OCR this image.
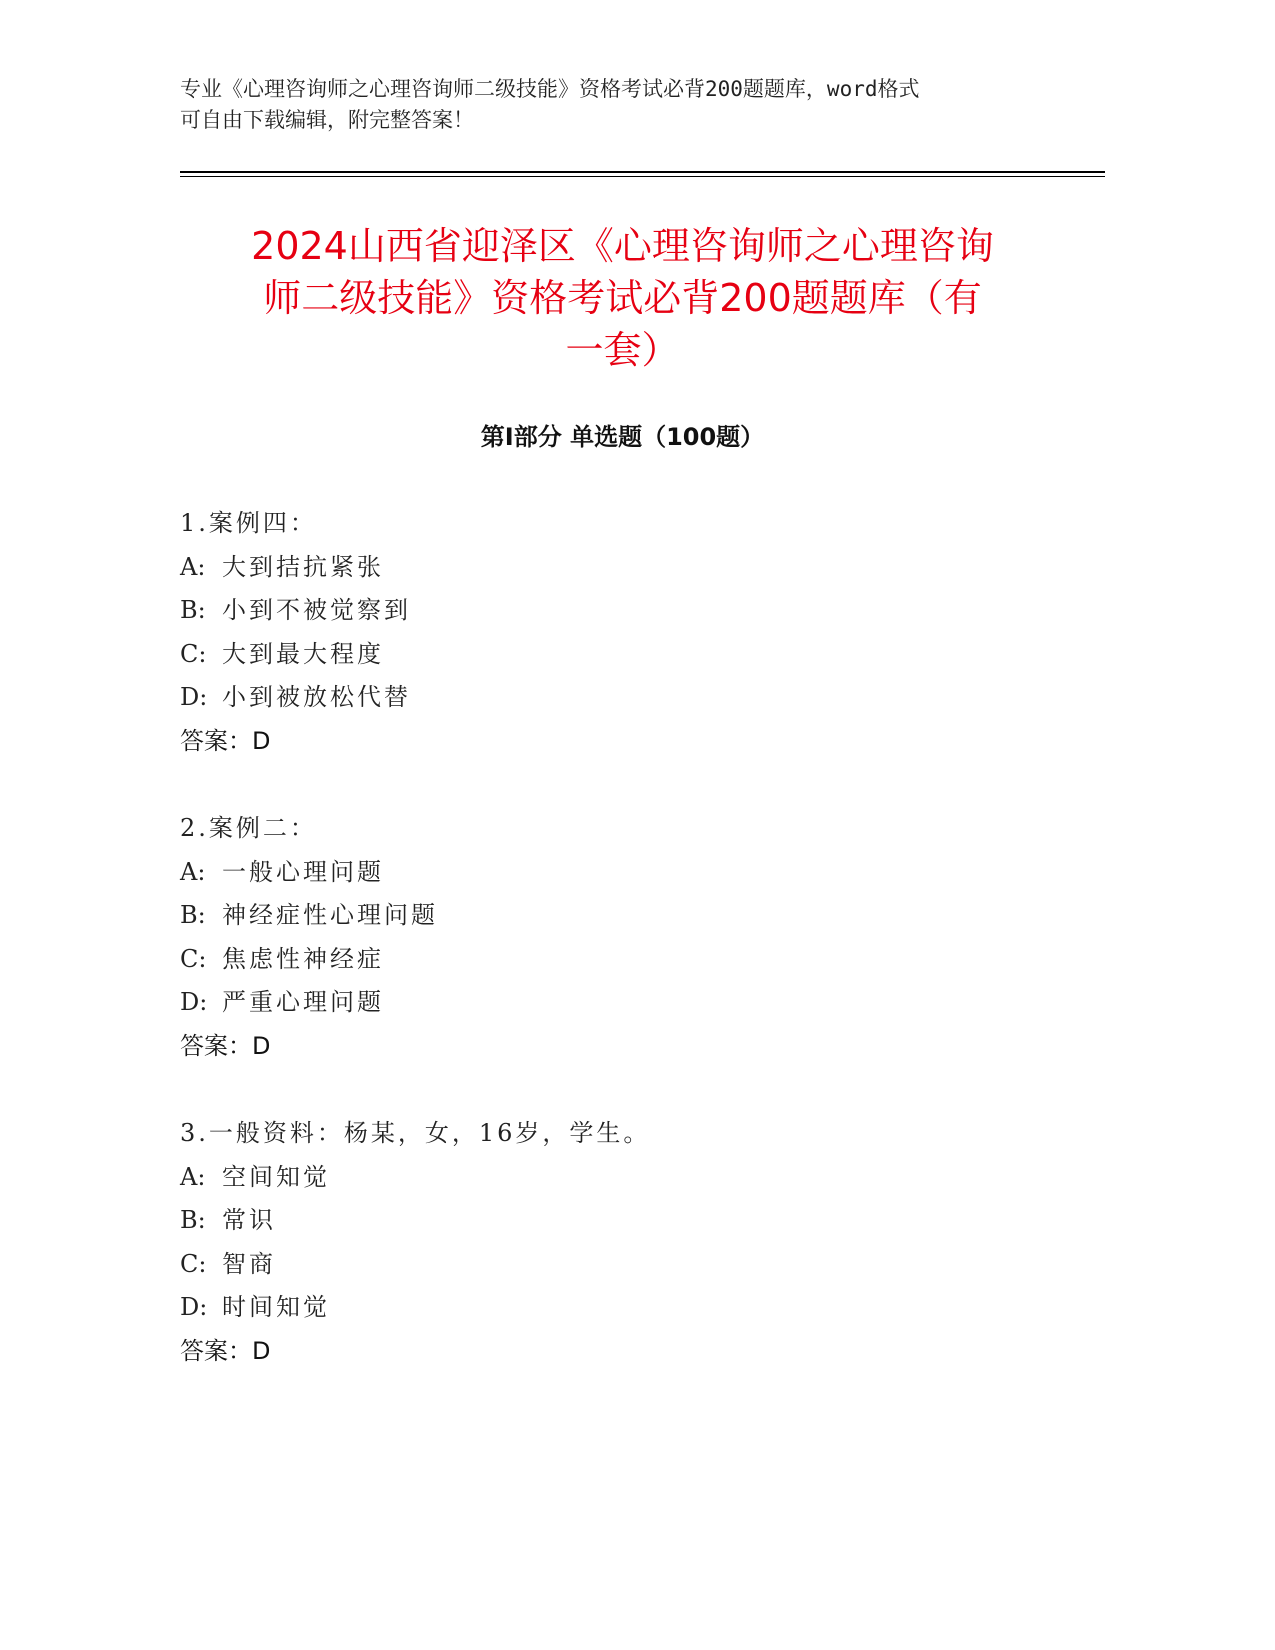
专业《心理咨询师之心理咨询师二级技能》资格考试必背200题题库，word格式
可自由下载编辑，附完整答案！
2024山西省迎泽区《心理咨询师之心理咨询
师二级技能》资格考试必背200题题库（有
一套）
第I部分 单选题（100题）
1.案例四：
A: 大到拮抗紧张
B: 小到不被觉察到
C: 大到最大程度
D: 小到被放松代替
答案：D
2.案例二：
A: 一般心理问题
B: 神经症性心理问题
C: 焦虑性神经症
D: 严重心理问题
答案：D
3.一般资料：杨某，女，16岁，学生。
A: 空间知觉
B: 常识
C: 智商
D: 时间知觉
答案：D
